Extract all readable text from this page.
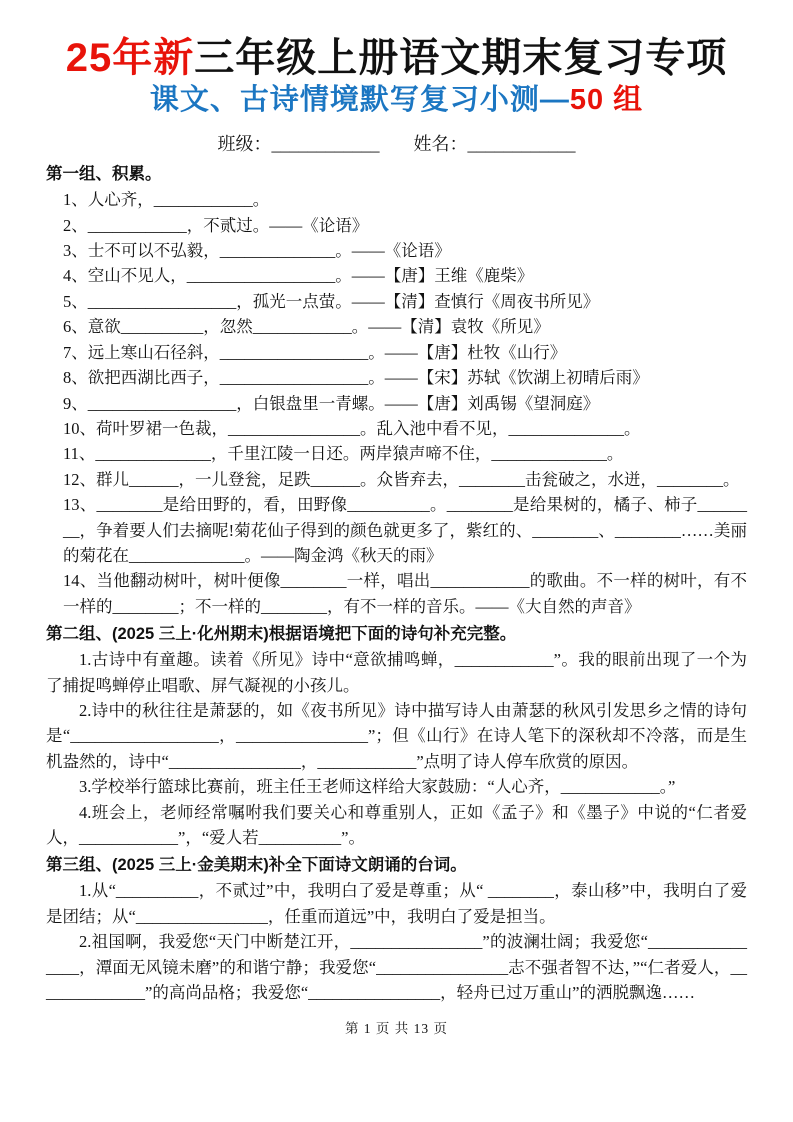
25年新三年级上册语文期末复习专项
课文、古诗情境默写复习小测—50 组
班级：____________ 姓名：____________
第一组、积累。

1、人心齐，____________。

2、____________，不贰过。——《论语》

3、士不可以不弘毅，______________。——《论语》

4、空山不见人，__________________。——【唐】王维《鹿柴》

5、__________________，孤光一点萤。——【清】查慎行《周夜书所见》

6、意欲__________，忽然____________。——【清】袁牧《所见》

7、远上寒山石径斜，__________________。——【唐】杜牧《山行》

8、欲把西湖比西子，__________________。——【宋】苏轼《饮湖上初晴后雨》

9、__________________，白银盘里一青螺。——【唐】刘禹锡《望洞庭》

10、荷叶罗裙一色裁，________________。乱入池中看不见，______________。

11、______________，千里江陵一日还。两岸猿声啼不住，______________。

12、群儿______，一儿登瓮，足跌______。众皆弃去，________击瓮破之，水迸，________。

13、________是给田野的，看，田野像__________。________是给果树的，橘子、柿子________，争着要人们去摘呢!菊花仙子得到的颜色就更多了，紫红的、________、________……美丽的菊花在______________。——陶金鸿《秋天的雨》

14、当他翻动树叶，树叶便像________一样，唱出____________的歌曲。不一样的树叶，有不一样的________；不一样的________，有不一样的音乐。——《大自然的声音》

第二组、(2025 三上·化州期末)根据语境把下面的诗句补充完整。

1.古诗中有童趣。读着《所见》诗中“意欲捕鸣蝉，____________”。我的眼前出现了一个为了捕捉鸣蝉停止唱歌、屏气凝视的小孩儿。

2.诗中的秋往往是萧瑟的，如《夜书所见》诗中描写诗人由萧瑟的秋风引发思乡之情的诗句是“__________________，________________”；但《山行》在诗人笔下的深秋却不冷落，而是生机盎然的，诗中“________________，____________”点明了诗人停车欣赏的原因。

3.学校举行篮球比赛前，班主任王老师这样给大家鼓励：“人心齐，____________。”

4.班会上，老师经常嘱咐我们要关心和尊重别人，正如《孟子》和《墨子》中说的“仁者爱人，____________”，“爱人若__________”。

第三组、(2025 三上·金美期末)补全下面诗文朗诵的台词。

1.从“__________，不贰过”中，我明白了爱是尊重；从“ ________，泰山移”中，我明白了爱是团结；从“________________，任重而道远”中，我明白了爱是担当。

2.祖国啊，我爱您“天门中断楚江开，________________”的波澜壮阔；我爱您“________________，潭面无风镜未磨”的和谐宁静；我爱您“________________志不强者智不达，”“仁者爱人，______________”的高尚品格；我爱您“________________，轻舟已过万重山”的洒脱飘逸……

第 1 页 共 13 页
